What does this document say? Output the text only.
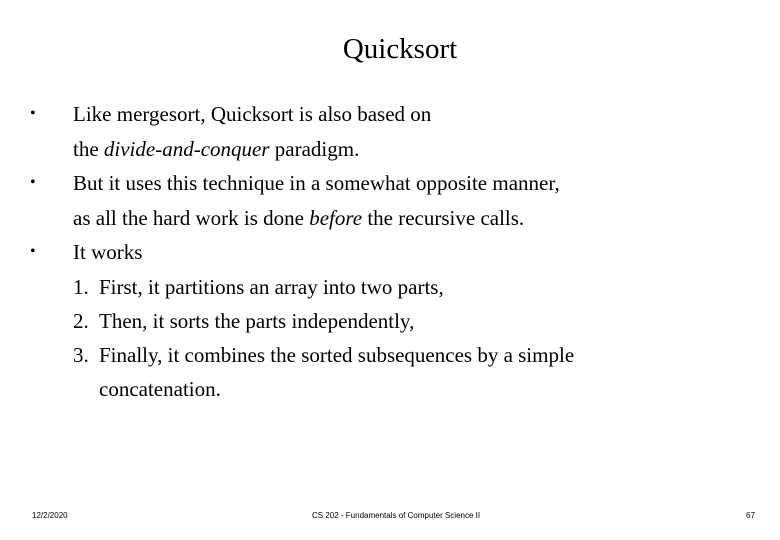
Quicksort
• Like mergesort, Quicksort is also based on
the divide-and-conquer paradigm.
• But it uses this technique in a somewhat opposite manner,
as all the hard work is done before the recursive calls.
• It works
1. First, it partitions an array into two parts,
2. Then, it sorts the parts independently,
3. Finally, it combines the sorted subsequences by a simple concatenation.
12/2/2020	CS 202 - Fundamentals of Computer Science II	67
